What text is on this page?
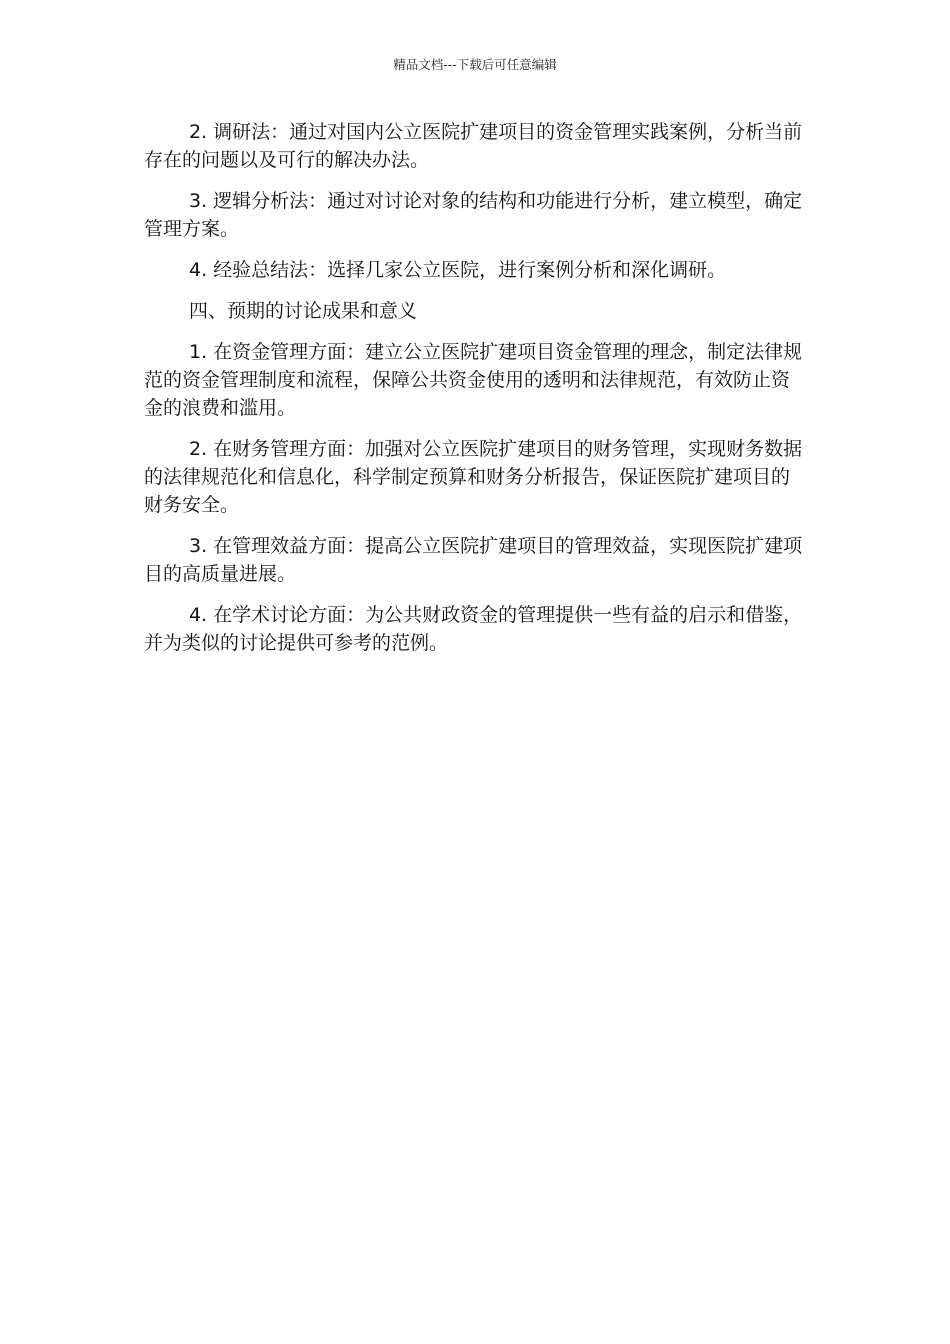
精品文档---下载后可任意编辑

2. 调研法：通过对国内公立医院扩建项目的资金管理实践案例，分析当前存在的问题以及可行的解决办法。

3. 逻辑分析法：通过对讨论对象的结构和功能进行分析，建立模型，确定管理方案。

4. 经验总结法：选择几家公立医院，进行案例分析和深化调研。

四、预期的讨论成果和意义

1. 在资金管理方面：建立公立医院扩建项目资金管理的理念，制定法律规范的资金管理制度和流程，保障公共资金使用的透明和法律规范，有效防止资金的浪费和滥用。

2. 在财务管理方面：加强对公立医院扩建项目的财务管理，实现财务数据的法律规范化和信息化，科学制定预算和财务分析报告，保证医院扩建项目的财务安全。

3. 在管理效益方面：提高公立医院扩建项目的管理效益，实现医院扩建项目的高质量进展。

4. 在学术讨论方面：为公共财政资金的管理提供一些有益的启示和借鉴，并为类似的讨论提供可参考的范例。
